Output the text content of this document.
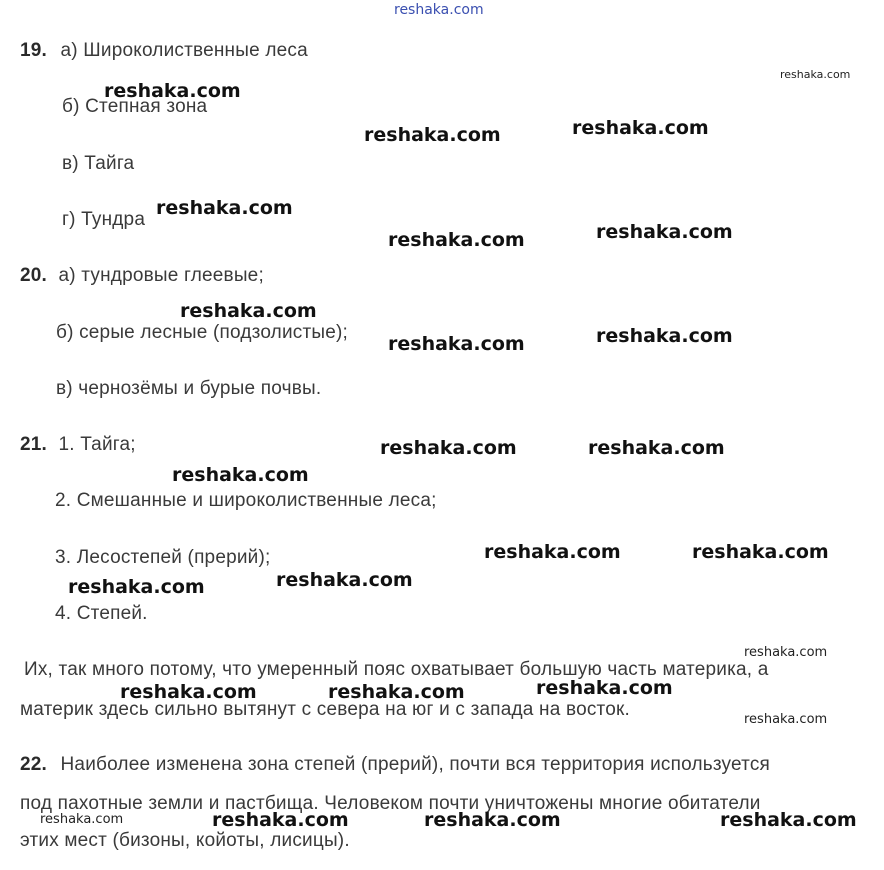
reshaka.com
19. а) Широколиственные леса
б) Степная зона
в) Тайга
г) Тундра
20. а) тундровые глеевые;
б) серые лесные (подзолистые);
в) чернозёмы и бурые почвы.
21. 1. Тайга;
2. Смешанные и широколиственные леса;
3. Лесостепей (прерий);
4. Степей.
Их, так много потому, что умеренный пояс охватывает большую часть материка, а
материк здесь сильно вытянут с севера на юг и с запада на восток.
22. Наиболее изменена зона степей (прерий), почти вся территория используется
под пахотные земли и пастбища. Человеком почти уничтожены многие обитатели
этих мест (бизоны, койоты, лисицы).
reshaka.com
reshaka.com	reshaka.com
reshaka.com
reshaka.com	reshaka.com
reshaka.com
reshaka.com	reshaka.com
reshaka.com	reshaka.com
reshaka.com
reshaka.com	reshaka.com
reshaka.com
reshaka.com
reshaka.com	reshaka.com	reshaka.com
reshaka.com	reshaka.com	reshaka.com
reshaka.com
reshaka.com
reshaka.com
reshaka.com
